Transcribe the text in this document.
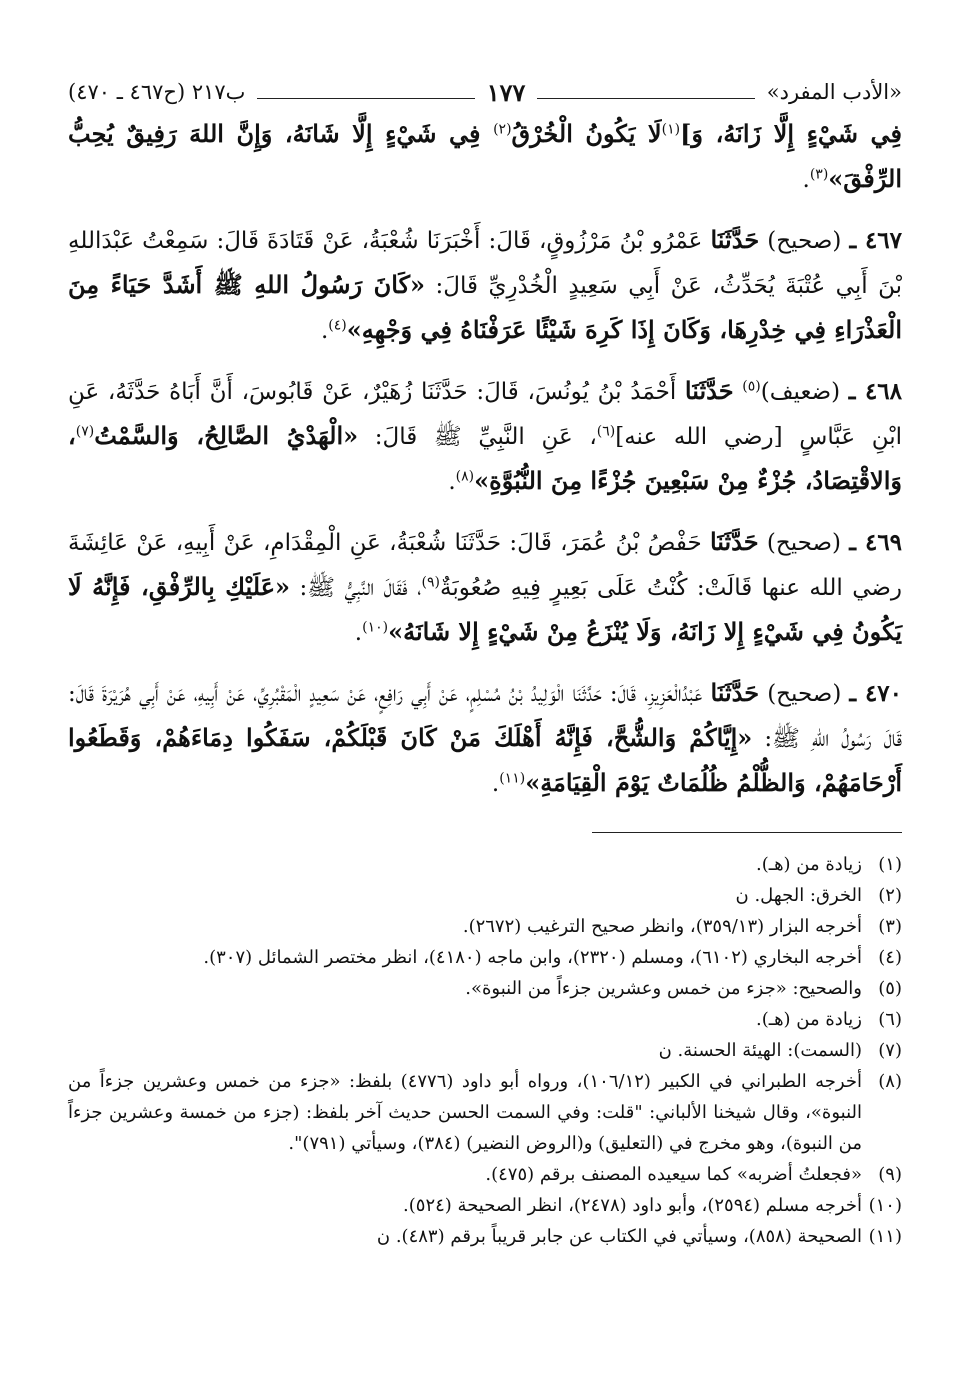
«الأدب المفرد»
١٧٧
ب٢١٧ (ح٤٦٧ ـ ٤٧٠)

فِي شَيْءٍ إِلَّا زَانَهُ، وَ]$^{(١)}$لَا يَكُونُ الْخُرْقُ$^{(٢)}$ فِي شَيْءٍ إِلَّا شَانَهُ، وَإِنَّ اللهَ رَفِيقٌ يُحِبُّ الرِّفْقَ»$^{(٣)}$.

٤٦٧ ـ (صحيح) حَدَّثَنَا عَمْرُو بْنُ مَرْزُوقٍ، قَالَ: أَخْبَرَنَا شُعْبَةُ، عَنْ قَتَادَةَ قَالَ: سَمِعْتُ عَبْدَاللهِ بْنَ أَبِي عُتْبَةَ يُحَدِّثُ، عَنْ أَبِي سَعِيدٍ الْخُدْرِيِّ قَالَ: «كَانَ رَسُولُ اللهِ ﷺ أَشَدَّ حَيَاءً مِنَ الْعَذْرَاءِ فِي خِدْرِهَا، وَكَانَ إِذَا كَرِهَ شَيْئًا عَرَفْنَاهُ فِي وَجْهِهِ»$^{(٤)}$.

٤٦٨ ـ (ضعيف)$^{(٥)}$ حَدَّثَنَا أَحْمَدُ بْنُ يُونُسَ، قَالَ: حَدَّثَنَا زُهَيْرٌ، عَنْ قَابُوسَ، أَنَّ أَبَاهُ حَدَّثَهُ، عَنِ ابْنِ عَبَّاسٍ [رضي الله عنه]$^{(٦)}$، عَنِ النَّبِيِّ ﷺ قَالَ: «الْهَدْيُ الصَّالِحُ، وَالسَّمْتُ$^{(٧)}$، وَالاقْتِصَادُ، جُزْءٌ مِنْ سَبْعِينَ جُزْءًا مِنَ النُّبُوَّةِ»$^{(٨)}$.

٤٦٩ ـ (صحيح) حَدَّثَنَا حَفْصُ بْنُ عُمَرَ، قَالَ: حَدَّثَنَا شُعْبَةُ، عَنِ الْمِقْدَامِ، عَنْ أَبِيهِ، عَنْ عَائِشَةَ رضي الله عنها قَالَتْ: كُنْتُ عَلَى بَعِيرٍ فِيهِ صُعُوبَةٌ$^{(٩)}$، فَقَالَ النَّبِيُّ ﷺ: «عَلَيْكِ بِالرِّفْقِ، فَإِنَّهُ لَا يَكُونُ فِي شَيْءٍ إِلا زَانَهُ، وَلَا يُنْزَعُ مِنْ شَيْءٍ إِلا شَانَهُ»$^{(١٠)}$.

٤٧٠ ـ (صحيح) حَدَّثَنَا عَبْدُالْعَزِيزِ، قَالَ: حَدَّثَنَا الْوَلِيدُ بْنُ مُسْلِمٍ، عَنْ أَبِي رَافِعٍ، عَنْ سَعِيدٍ الْمَقْبُرِيِّ، عَنْ أَبِيهِ، عَنْ أَبِي هُرَيْرَةَ قَالَ: قَالَ رَسُولُ اللهِ ﷺ: «إِيَّاكُمْ وَالشُّحَّ، فَإِنَّهُ أَهْلَكَ مَنْ كَانَ قَبْلَكُمْ، سَفَكُوا دِمَاءَهُمْ، وَقَطَعُوا أَرْحَامَهُمْ، وَالظُّلْمُ ظُلُمَاتٌ يَوْمَ الْقِيَامَةِ»$^{(١١)}$.

(١)
زيادة من (هـ).
(٢)
الخرق: الجهل. ن
(٣)
أخرجه البزار (٣٥٩/١٣)، وانظر صحيح الترغيب (٢٦٧٢).
(٤)
أخرجه البخاري (٦١٠٢)، ومسلم (٢٣٢٠)، وابن ماجه (٤١٨٠)، انظر مختصر الشمائل (٣٠٧).
(٥)
والصحيح: «جزء من خمس وعشرين جزءاً من النبوة».
(٦)
زيادة من (هـ).
(٧)
(السمت): الهيئة الحسنة. ن
(٨)
أخرجه الطبراني في الكبير (١٠٦/١٢)، ورواه أبو داود (٤٧٧٦) بلفظ: «جزء من خمس وعشرين جزءاً من النبوة»، وقال شيخنا الألباني: "قلت: وفي السمت الحسن حديث آخر بلفظ: (جزء من خمسة وعشرين جزءاً من النبوة)، وهو مخرج في (التعليق) و(الروض النضير) (٣٨٤)، وسيأتي (٧٩١)".
(٩)
«فجعلتُ أضربه» كما سيعيده المصنف برقم (٤٧٥).
(١٠)
أخرجه مسلم (٢٥٩٤)، وأبو داود (٢٤٧٨)، انظر الصحيحة (٥٢٤).
(١١)
الصحيحة (٨٥٨)، وسيأتي في الكتاب عن جابر قريباً برقم (٤٨٣). ن
